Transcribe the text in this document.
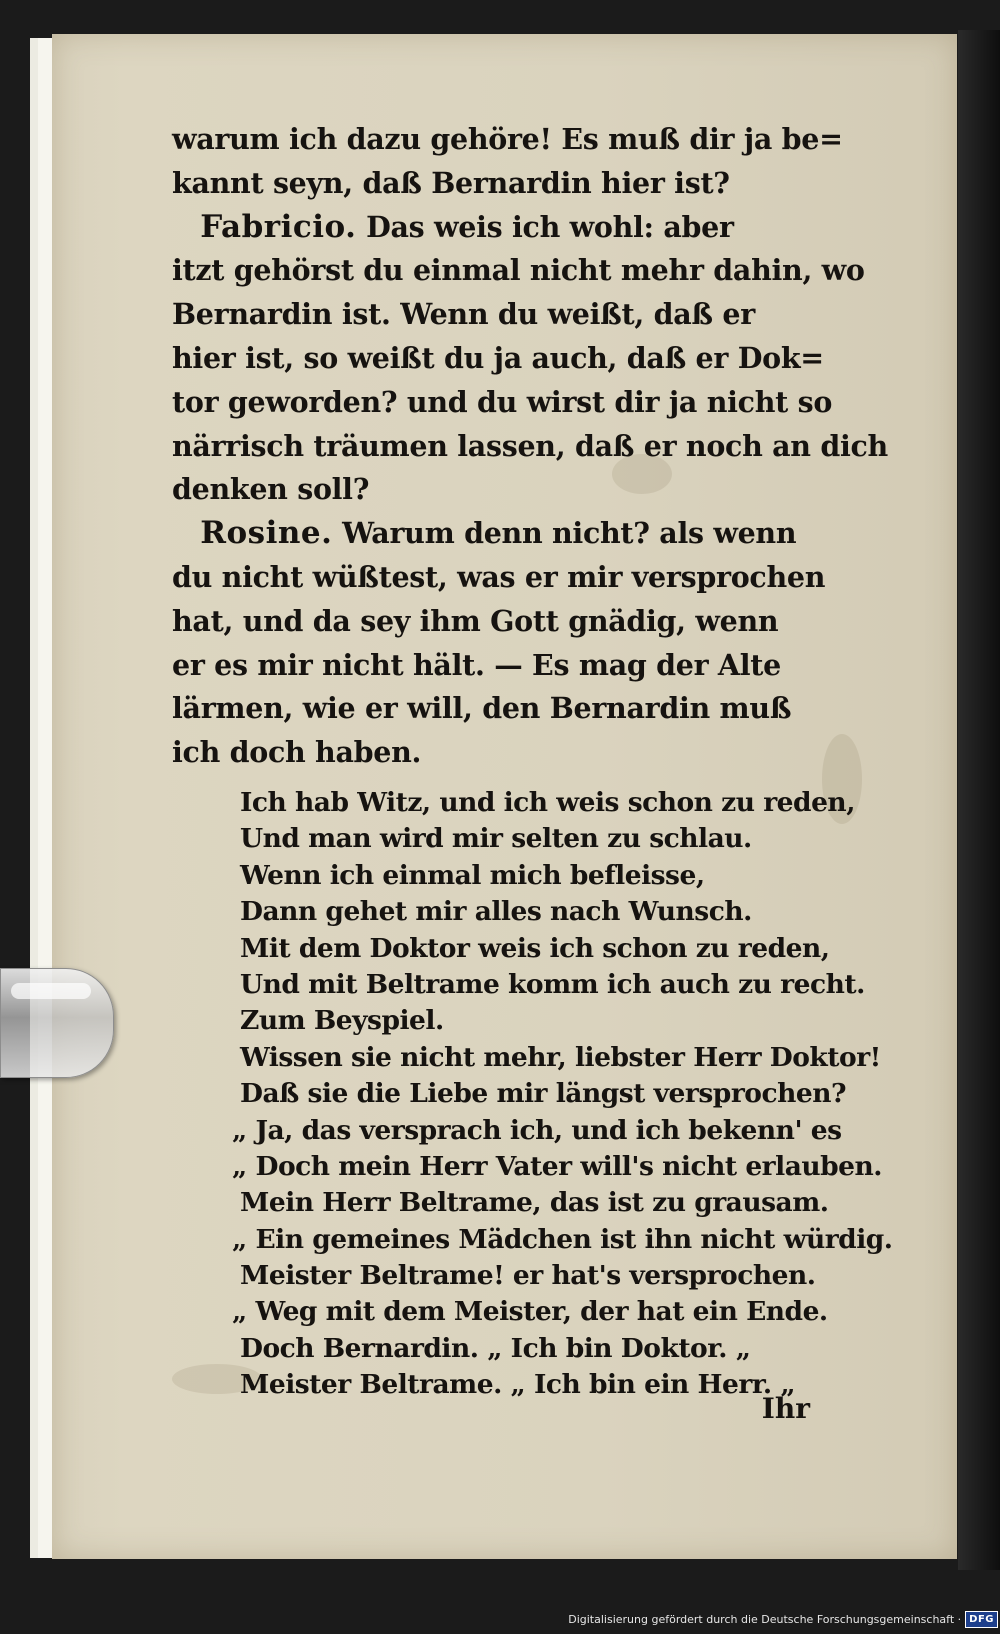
warum ich dazu gehöre! Es muß dir ja be=
kannt seyn, daß Bernardin hier ist?
 Fabricio. Das weis ich wohl: aber
itzt gehörst du einmal nicht mehr dahin, wo
Bernardin ist. Wenn du weißt, daß er
hier ist, so weißt du ja auch, daß er Dok=
tor geworden? und du wirst dir ja nicht so
närrisch träumen lassen, daß er noch an dich
denken soll?
 Rosine. Warum denn nicht? als wenn
du nicht wüßtest, was er mir versprochen
hat, und da sey ihm Gott gnädig, wenn
er es mir nicht hält. — Es mag der Alte
lärmen, wie er will, den Bernardin muß
ich doch haben.
Ich hab Witz, und ich weis schon zu reden,
Und man wird mir selten zu schlau.
Wenn ich einmal mich befleisse,
Dann gehet mir alles nach Wunsch.
Mit dem Doktor weis ich schon zu reden,
Und mit Beltrame komm ich auch zu recht.
Zum Beyspiel.
Wissen sie nicht mehr, liebster Herr Doktor!
Daß sie die Liebe mir längst versprochen?
„ Ja, das versprach ich, und ich bekenn' es
„ Doch mein Herr Vater will's nicht erlauben.
Mein Herr Beltrame, das ist zu grausam.
„ Ein gemeines Mädchen ist ihn nicht würdig.
Meister Beltrame! er hat's versprochen.
„ Weg mit dem Meister, der hat ein Ende.
Doch Bernardin. „ Ich bin Doktor. „
Meister Beltrame. „ Ich bin ein Herr. „
Ihr
Digitalisierung gefördert durch die Deutsche Forschungsgemeinschaft · DFG
